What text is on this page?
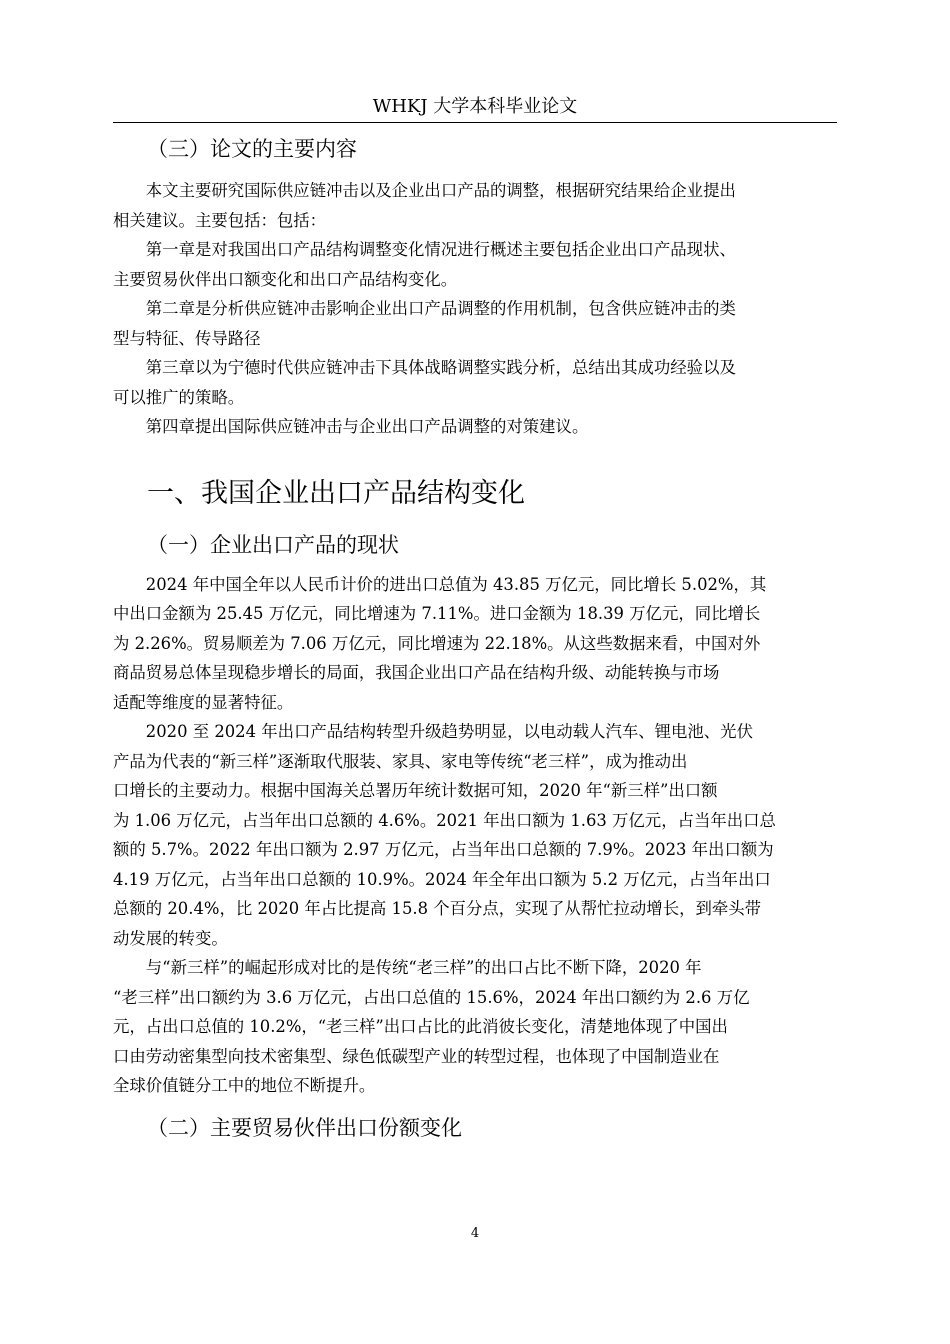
WHKJ 大学本科毕业论文
（三）论文的主要内容

本文主要研究国际供应链冲击以及企业出口产品的调整，根据研究结果给企业提出
相关建议。主要包括：包括：

第一章是对我国出口产品结构调整变化情况进行概述主要包括企业出口产品现状、
主要贸易伙伴出口额变化和出口产品结构变化。

第二章是分析供应链冲击影响企业出口产品调整的作用机制，包含供应链冲击的类
型与特征、传导路径

第三章以为宁德时代供应链冲击下具体战略调整实践分析，总结出其成功经验以及
可以推广的策略。

第四章提出国际供应链冲击与企业出口产品调整的对策建议。

一、我国企业出口产品结构变化
（一）企业出口产品的现状

2024 年中国全年以人民币计价的进出口总值为 43.85 万亿元，同比增长 5.02%，其
中出口金额为 25.45 万亿元，同比增速为 7.11%。进口金额为 18.39 万亿元，同比增长
为 2.26%。贸易顺差为 7.06 万亿元，同比增速为 22.18%。从这些数据来看，中国对外
商品贸易总体呈现稳步增长的局面，我国企业出口产品在结构升级、动能转换与市场
适配等维度的显著特征。

2020 至 2024 年出口产品结构转型升级趋势明显，以电动载人汽车、锂电池、光伏
产品为代表的“新三样”逐渐取代服装、家具、家电等传统“老三样”，成为推动出
口增长的主要动力。根据中国海关总署历年统计数据可知，2020 年“新三样”出口额
为 1.06 万亿元，占当年出口总额的 4.6%。2021 年出口额为 1.63 万亿元，占当年出口总
额的 5.7%。2022 年出口额为 2.97 万亿元，占当年出口总额的 7.9%。2023 年出口额为
4.19 万亿元，占当年出口总额的 10.9%。2024 年全年出口额为 5.2 万亿元，占当年出口
总额的 20.4%，比 2020 年占比提高 15.8 个百分点，实现了从帮忙拉动增长，到牵头带
动发展的转变。

与“新三样”的崛起形成对比的是传统“老三样”的出口占比不断下降，2020 年
“老三样”出口额约为 3.6 万亿元，占出口总值的 15.6%，2024 年出口额约为 2.6 万亿
元，占出口总值的 10.2%，“老三样”出口占比的此消彼长变化，清楚地体现了中国出
口由劳动密集型向技术密集型、绿色低碳型产业的转型过程，也体现了中国制造业在
全球价值链分工中的地位不断提升。

（二）主要贸易伙伴出口份额变化
4
